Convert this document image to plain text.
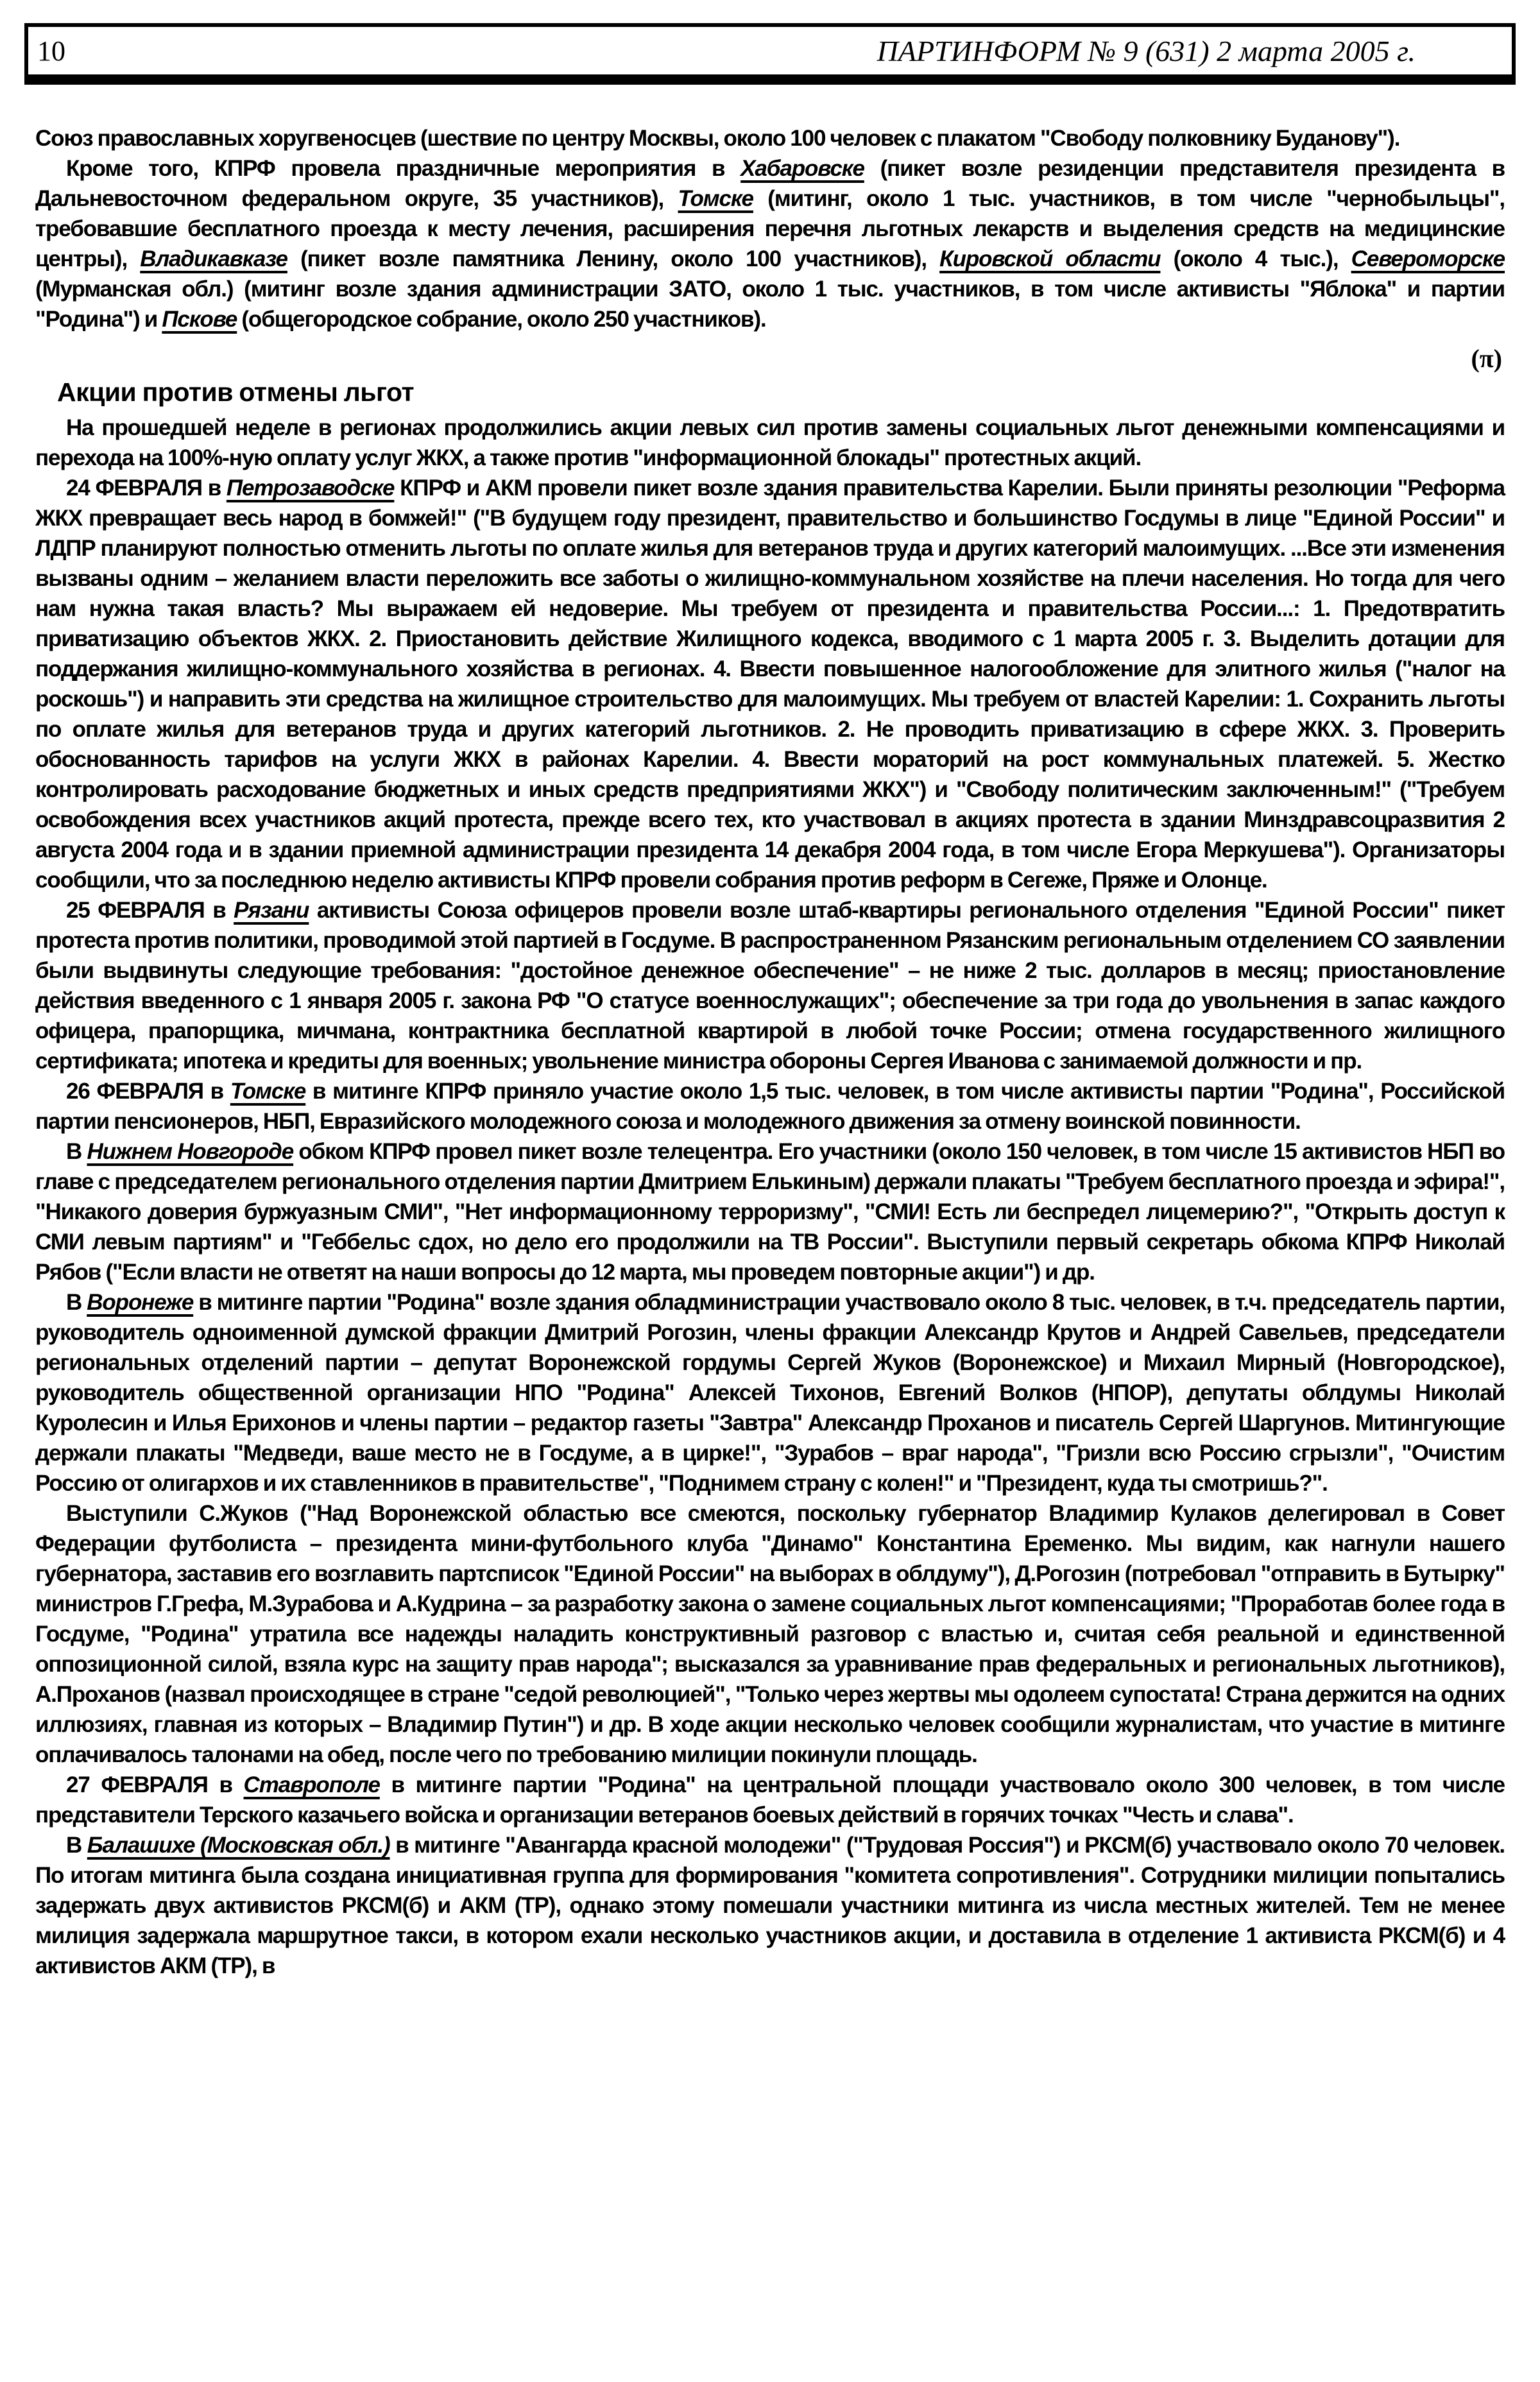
10	ПАРТИНФОРМ № 9 (631) 2 марта 2005 г.

Союз православных хоругвеносцев (шествие по центру Москвы, около 100 человек с плакатом "Свободу полковнику Буданову").

Кроме того, КПРФ провела праздничные мероприятия в Хабаровске (пикет возле резиденции представителя президента в Дальневосточном федеральном округе, 35 участников), Томске (митинг, около 1 тыс. участников, в том числе "чернобыльцы", требовавшие бесплатного проезда к месту лечения, расширения перечня льготных лекарств и выделения средств на медицинские центры), Владикавказе (пикет возле памятника Ленину, около 100 участников), Кировской области (около 4 тыс.), Североморске (Мурманская обл.) (митинг возле здания администрации ЗАТО, около 1 тыс. участников, в том числе активисты "Яблока" и партии "Родина") и Пскове (общегородское собрание, около 250 участников).

(π)
Акции против отмены льгот

На прошедшей неделе в регионах продолжились акции левых сил против замены социальных льгот денежными компенсациями и перехода на 100%-ную оплату услуг ЖКХ, а также против "информационной блокады" протестных акций.

24 ФЕВРАЛЯ в Петрозаводске КПРФ и АКМ провели пикет возле здания правительства Карелии. Были приняты резолюции "Реформа ЖКХ превращает весь народ в бомжей!" ("В будущем году президент, правительство и большинство Госдумы в лице "Единой России" и ЛДПР планируют полностью отменить льготы по оплате жилья для ветеранов труда и других категорий малоимущих. ...Все эти изменения вызваны одним – желанием власти переложить все заботы о жилищно-коммунальном хозяйстве на плечи населения. Но тогда для чего нам нужна такая власть? Мы выражаем ей недоверие. Мы требуем от президента и правительства России...: 1. Предотвратить приватизацию объектов ЖКХ. 2. Приостановить действие Жилищного кодекса, вводимого с 1 марта 2005 г. 3. Выделить дотации для поддержания жилищно-коммунального хозяйства в регионах. 4. Ввести повышенное налогообложение для элитного жилья ("налог на роскошь") и направить эти средства на жилищное строительство для малоимущих. Мы требуем от властей Карелии: 1. Сохранить льготы по оплате жилья для ветеранов труда и других категорий льготников. 2. Не проводить приватизацию в сфере ЖКХ. 3. Проверить обоснованность тарифов на услуги ЖКХ в районах Карелии. 4. Ввести мораторий на рост коммунальных платежей. 5. Жестко контролировать расходование бюджетных и иных средств предприятиями ЖКХ") и "Свободу политическим заключенным!" ("Требуем освобождения всех участников акций протеста, прежде всего тех, кто участвовал в акциях протеста в здании Минздравсоцразвития 2 августа 2004 года и в здании приемной администрации президента 14 декабря 2004 года, в том числе Егора Меркушева"). Организаторы сообщили, что за последнюю неделю активисты КПРФ провели собрания против реформ в Сегеже, Пряже и Олонце.

25 ФЕВРАЛЯ в Рязани активисты Союза офицеров провели возле штаб-квартиры регионального отделения "Единой России" пикет протеста против политики, проводимой этой партией в Госдуме. В распространенном Рязанским региональным отделением СО заявлении были выдвинуты следующие требования: "достойное денежное обеспечение" – не ниже 2 тыс. долларов в месяц; приостановление действия введенного с 1 января 2005 г. закона РФ "О статусе военнослужащих"; обеспечение за три года до увольнения в запас каждого офицера, прапорщика, мичмана, контрактника бесплатной квартирой в любой точке России; отмена государственного жилищного сертификата; ипотека и кредиты для военных; увольнение министра обороны Сергея Иванова с занимаемой должности и пр.

26 ФЕВРАЛЯ в Томске в митинге КПРФ приняло участие около 1,5 тыс. человек, в том числе активисты партии "Родина", Российской партии пенсионеров, НБП, Евразийского молодежного союза и молодежного движения за отмену воинской повинности.

В Нижнем Новгороде обком КПРФ провел пикет возле телецентра. Его участники (около 150 человек, в том числе 15 активистов НБП во главе с председателем регионального отделения партии Дмитрием Елькиным) держали плакаты "Требуем бесплатного проезда и эфира!", "Никакого доверия буржуазным СМИ", "Нет информационному терроризму", "СМИ! Есть ли беспредел лицемерию?", "Открыть доступ к СМИ левым партиям" и "Геббельс сдох, но дело его продолжили на ТВ России". Выступили первый секретарь обкома КПРФ Николай Рябов ("Если власти не ответят на наши вопросы до 12 марта, мы проведем повторные акции") и др.

В Воронеже в митинге партии "Родина" возле здания обладминистрации участвовало около 8 тыс. человек, в т.ч. председатель партии, руководитель одноименной думской фракции Дмитрий Рогозин, члены фракции Александр Крутов и Андрей Савельев, председатели региональных отделений партии – депутат Воронежской гордумы Сергей Жуков (Воронежское) и Михаил Мирный (Новгородское), руководитель общественной организации НПО "Родина" Алексей Тихонов, Евгений Волков (НПОР), депутаты облдумы Николай Куролесин и Илья Ерихонов и члены партии – редактор газеты "Завтра" Александр Проханов и писатель Сергей Шаргунов. Митингующие держали плакаты "Медведи, ваше место не в Госдуме, а в цирке!", "Зурабов – враг народа", "Гризли всю Россию сгрызли", "Очистим Россию от олигархов и их ставленников в правительстве", "Поднимем страну с колен!" и "Президент, куда ты смотришь?".

Выступили С.Жуков ("Над Воронежской областью все смеются, поскольку губернатор Владимир Кулаков делегировал в Совет Федерации футболиста – президента мини-футбольного клуба "Динамо" Константина Еременко. Мы видим, как нагнули нашего губернатора, заставив его возглавить партсписок "Единой России" на выборах в облдуму"), Д.Рогозин (потребовал "отправить в Бутырку" министров Г.Грефа, М.Зурабова и А.Кудрина – за разработку закона о замене социальных льгот компенсациями; "Проработав более года в Госдуме, "Родина" утратила все надежды наладить конструктивный разговор с властью и, считая себя реальной и единственной оппозиционной силой, взяла курс на защиту прав народа"; высказался за уравнивание прав федеральных и региональных льготников), А.Проханов (назвал происходящее в стране "седой революцией", "Только через жертвы мы одолеем супостата! Страна держится на одних иллюзиях, главная из которых – Владимир Путин") и др. В ходе акции несколько человек сообщили журналистам, что участие в митинге оплачивалось талонами на обед, после чего по требованию милиции покинули площадь.

27 ФЕВРАЛЯ в Ставрополе в митинге партии "Родина" на центральной площади участвовало около 300 человек, в том числе представители Терского казачьего войска и организации ветеранов боевых действий в горячих точках "Честь и слава".

В Балашихе (Московская обл.) в митинге "Авангарда красной молодежи" ("Трудовая Россия") и РКСМ(б) участвовало около 70 человек. По итогам митинга была создана инициативная группа для формирования "комитета сопротивления". Сотрудники милиции попытались задержать двух активистов РКСМ(б) и АКМ (ТР), однако этому помешали участники митинга из числа местных жителей. Тем не менее милиция задержала маршрутное такси, в котором ехали несколько участников акции, и доставила в отделение 1 активиста РКСМ(б) и 4 активистов АКМ (ТР), в
